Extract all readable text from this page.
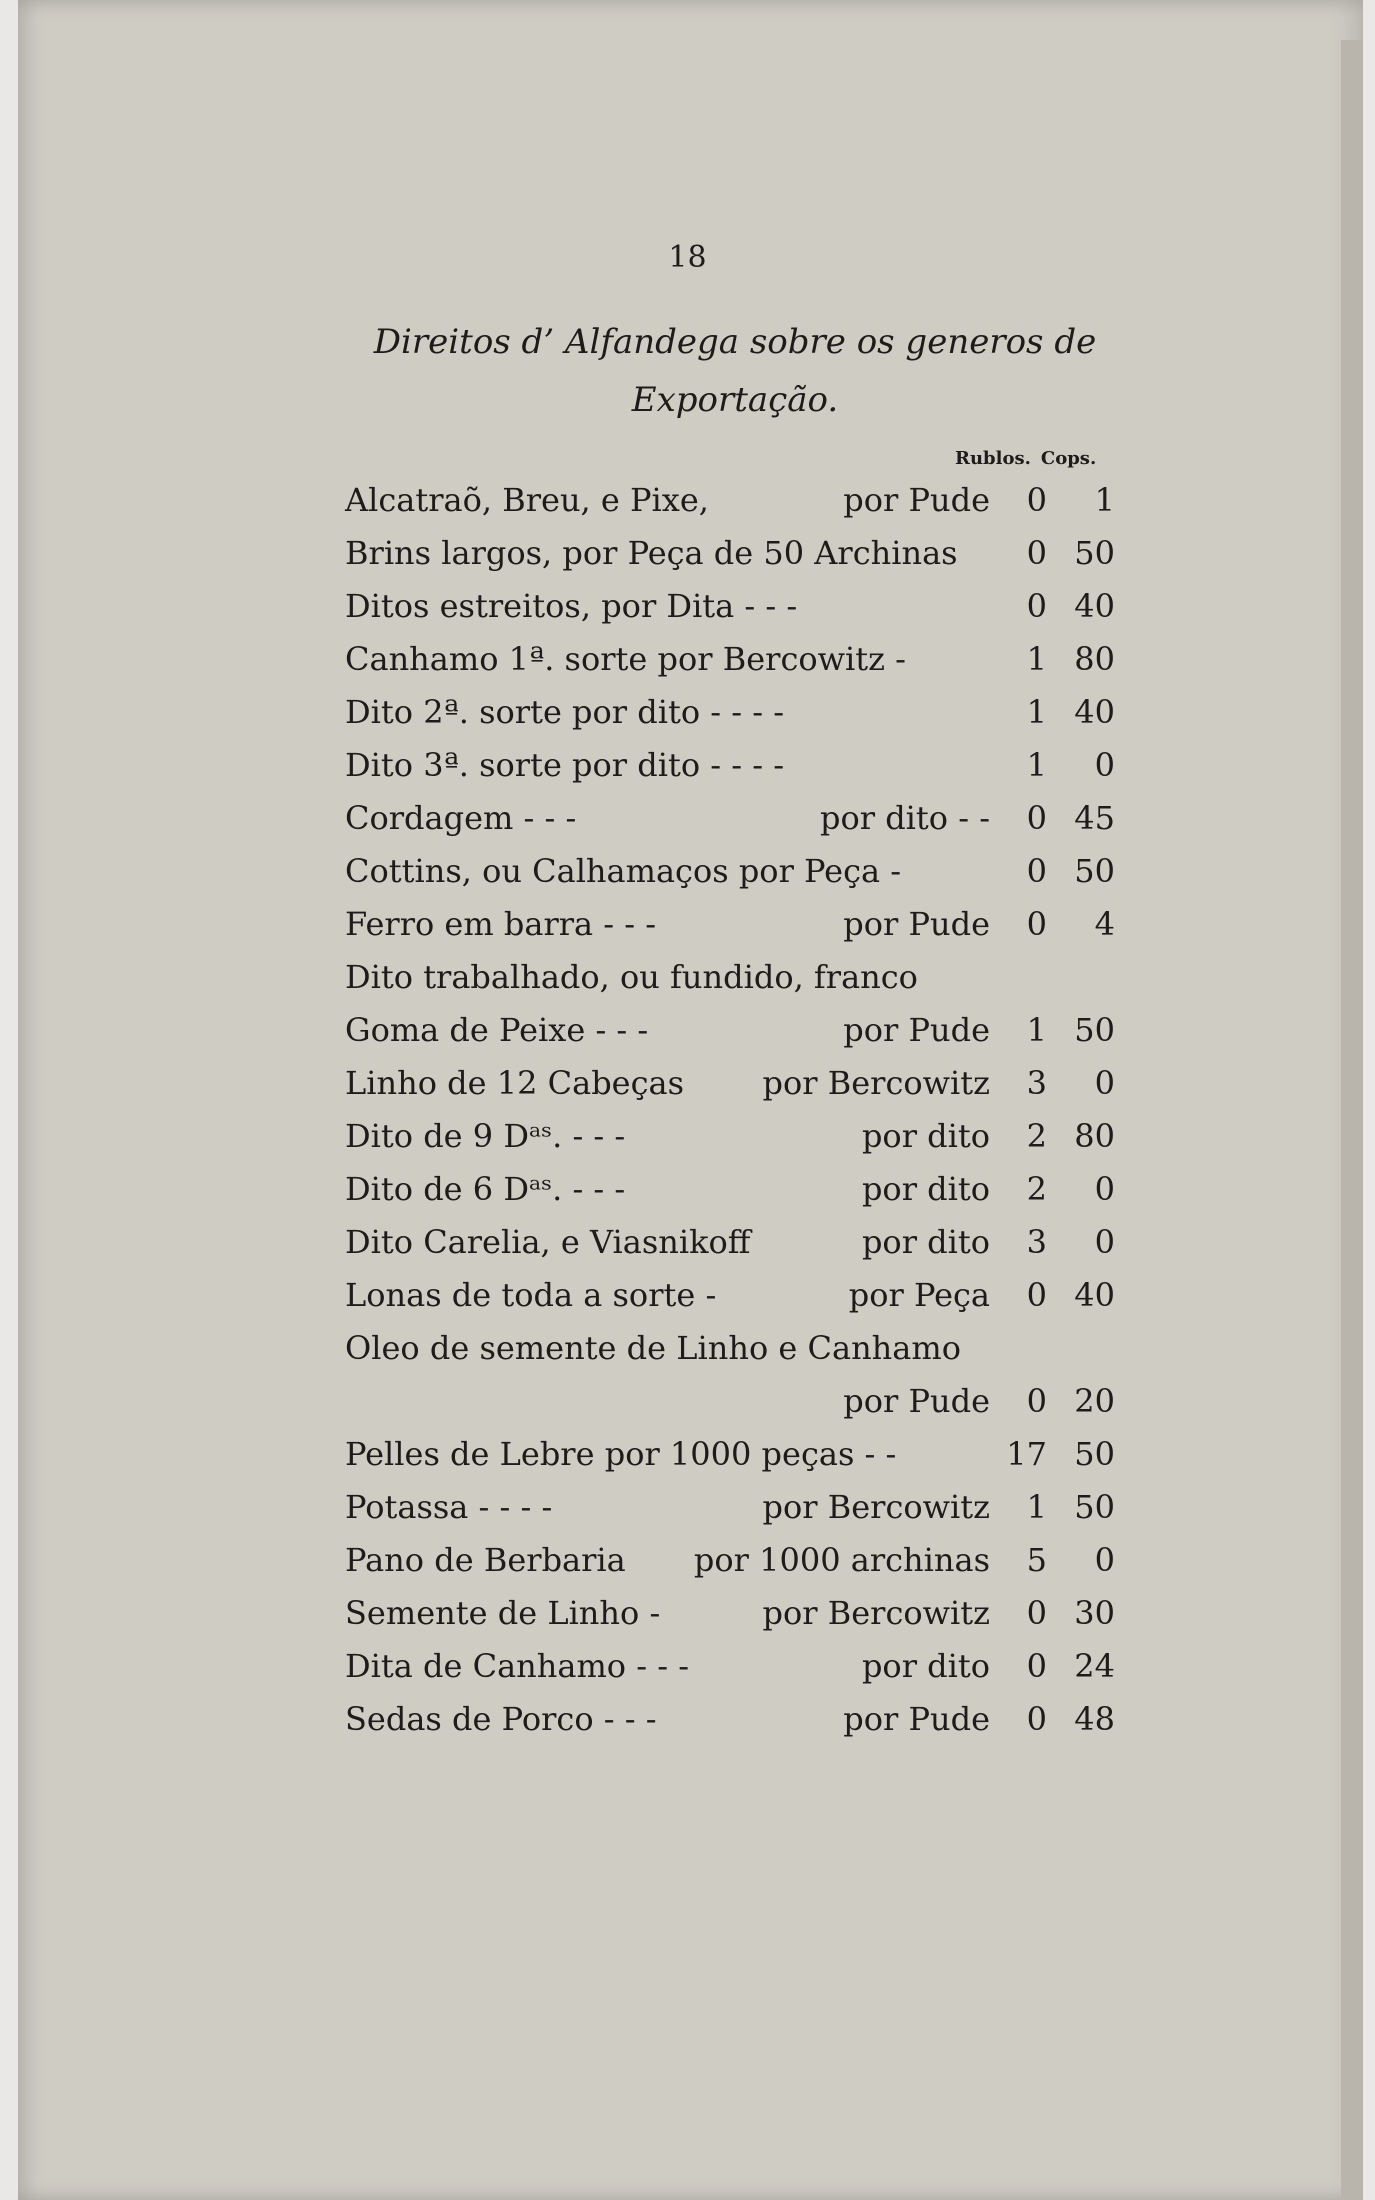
18
Direitos d’ Alfandega sobre os generos de
Exportação.
Rublos. Cops.
Alcatraõ, Breu, e Pixe,	por Pude	0	1
Brins largos, por Peça de 50 Archinas	0 50
Ditos estreitos, por Dita - - -	0 40
Canhamo 1ª. sorte por Bercowitz -	1 80
Dito 2ª. sorte por dito - - - -	1 40
Dito 3ª. sorte por dito - - - -	1	0
Cordagem - - -	por dito - -	0 45
Cottins, ou Calhamaços por Peça -	0 50
Ferro em barra - - -	por Pude	0	4
Dito trabalhado, ou fundido, franco
Goma de Peixe - - -	por Pude	1 50
Linho de 12 Cabeças por Bercowitz	3	0
Dito de 9 Dᵃˢ. - - -	por dito	2 80
Dito de 6 Dᵃˢ. - - -	por dito	2	0
Dito Carelia, e Viasnikoff	por dito	3	0
Lonas de toda a sorte -	por Peça	0 40
Oleo de semente de Linho e Canhamo
por Pude	0 20
Pelles de Lebre por 1000 peças - -	17 50
Potassa - - - -	por Bercowitz	1 50
Pano de Berbaria por 1000 archinas	5	0
Semente de Linho -	por Bercowitz	0 30
Dita de Canhamo - - -	por dito	0 24
Sedas de Porco - - -	por Pude	0 48
